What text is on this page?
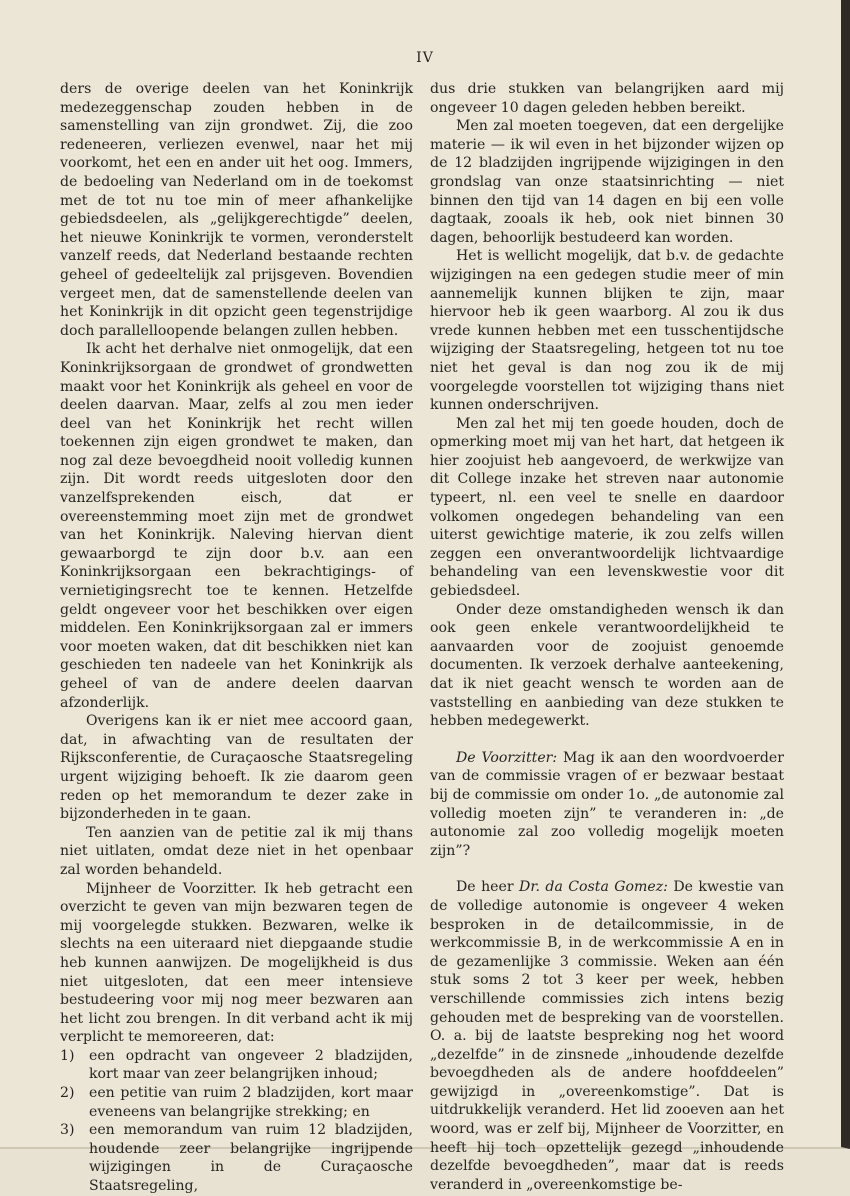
IV

ders de overige deelen van het Koninkrijk medezeggenschap zouden hebben in de samenstelling van zijn grondwet. Zij, die zoo redeneeren, verliezen evenwel, naar het mij voorkomt, het een en ander uit het oog. Immers, de bedoeling van Nederland om in de toekomst met de tot nu toe min of meer afhankelijke gebiedsdeelen, als „gelijkgerechtigde” deelen, het nieuwe Koninkrijk te vormen, veronderstelt vanzelf reeds, dat Nederland bestaande rechten geheel of gedeeltelijk zal prijsgeven. Bovendien vergeet men, dat de samenstellende deelen van het Koninkrijk in dit opzicht geen tegenstrijdige doch parallelloopende belangen zullen hebben.

Ik acht het derhalve niet onmogelijk, dat een Koninkrijksorgaan de grondwet of grondwetten maakt voor het Koninkrijk als geheel en voor de deelen daarvan. Maar, zelfs al zou men ieder deel van het Koninkrijk het recht willen toekennen zijn eigen grondwet te maken, dan nog zal deze bevoegdheid nooit volledig kunnen zijn. Dit wordt reeds uitgesloten door den vanzelfsprekenden eisch, dat er overeenstemming moet zijn met de grondwet van het Koninkrijk. Naleving hiervan dient gewaarborgd te zijn door b.v. aan een Koninkrijksorgaan een bekrachtigings- of vernietigingsrecht toe te kennen. Hetzelfde geldt ongeveer voor het beschikken over eigen middelen. Een Koninkrijksorgaan zal er immers voor moeten waken, dat dit beschikken niet kan geschieden ten nadeele van het Koninkrijk als geheel of van de andere deelen daarvan afzonderlijk.

Overigens kan ik er niet mee accoord gaan, dat, in afwachting van de resultaten der Rijksconferentie, de Curaçaosche Staatsregeling urgent wijziging behoeft. Ik zie daarom geen reden op het memorandum te dezer zake in bijzonderheden in te gaan.

Ten aanzien van de petitie zal ik mij thans niet uitlaten, omdat deze niet in het openbaar zal worden behandeld.

Mijnheer de Voorzitter. Ik heb getracht een overzicht te geven van mijn bezwaren tegen de mij voorgelegde stukken. Bezwaren, welke ik slechts na een uiteraard niet diepgaande studie heb kunnen aanwijzen. De mogelijkheid is dus niet uitgesloten, dat een meer intensieve bestudeering voor mij nog meer bezwaren aan het licht zou brengen. In dit verband acht ik mij verplicht te memoreeren, dat:

1) een opdracht van ongeveer 2 bladzijden, kort maar van zeer belangrijken inhoud;
2) een petitie van ruim 2 bladzijden, kort maar eveneens van belangrijke strekking; en
3) een memorandum van ruim 12 bladzijden, houdende zeer belangrijke ingrijpende wijzigingen in de Curaçaosche Staatsregeling,

dus drie stukken van belangrijken aard mij ongeveer 10 dagen geleden hebben bereikt.

Men zal moeten toegeven, dat een dergelijke materie — ik wil even in het bijzonder wijzen op de 12 bladzijden ingrijpende wijzigingen in den grondslag van onze staatsinrichting — niet binnen den tijd van 14 dagen en bij een volle dagtaak, zooals ik heb, ook niet binnen 30 dagen, behoorlijk bestudeerd kan worden.

Het is wellicht mogelijk, dat b.v. de gedachte wijzigingen na een gedegen studie meer of min aannemelijk kunnen blijken te zijn, maar hiervoor heb ik geen waarborg. Al zou ik dus vrede kunnen hebben met een tusschentijdsche wijziging der Staatsregeling, hetgeen tot nu toe niet het geval is dan nog zou ik de mij voorgelegde voorstellen tot wijziging thans niet kunnen onderschrijven.

Men zal het mij ten goede houden, doch de opmerking moet mij van het hart, dat hetgeen ik hier zoojuist heb aangevoerd, de werkwijze van dit College inzake het streven naar autonomie typeert, nl. een veel te snelle en daardoor volkomen ongedegen behandeling van een uiterst gewichtige materie, ik zou zelfs willen zeggen een onverantwoordelijk lichtvaardige behandeling van een levenskwestie voor dit gebiedsdeel.

Onder deze omstandigheden wensch ik dan ook geen enkele verantwoordelijkheid te aanvaarden voor de zoojuist genoemde documenten. Ik verzoek derhalve aanteekening, dat ik niet geacht wensch te worden aan de vaststelling en aanbieding van deze stukken te hebben medegewerkt.

De Voorzitter: Mag ik aan den woordvoerder van de commissie vragen of er bezwaar bestaat bij de commissie om onder 1o. „de autonomie zal volledig moeten zijn” te veranderen in: „de autonomie zal zoo volledig mogelijk moeten zijn”?

De heer Dr. da Costa Gomez: De kwestie van de volledige autonomie is ongeveer 4 weken besproken in de detailcommissie, in de werkcommissie B, in de werkcommissie A en in de gezamenlijke 3 commissie. Weken aan één stuk soms 2 tot 3 keer per week, hebben verschillende commissies zich intens bezig gehouden met de bespreking van de voorstellen. O. a. bij de laatste bespreking nog het woord „dezelfde” in de zinsnede „inhoudende dezelfde bevoegdheden als de andere hoofddeelen” gewijzigd in „overeenkomstige”. Dat is uitdrukkelijk veranderd. Het lid zooeven aan het woord, was er zelf bij, Mijnheer de Voorzitter, en heeft hij toch opzettelijk gezegd „inhoudende dezelfde bevoegdheden”, maar dat is reeds veranderd in „overeenkomstige be-
